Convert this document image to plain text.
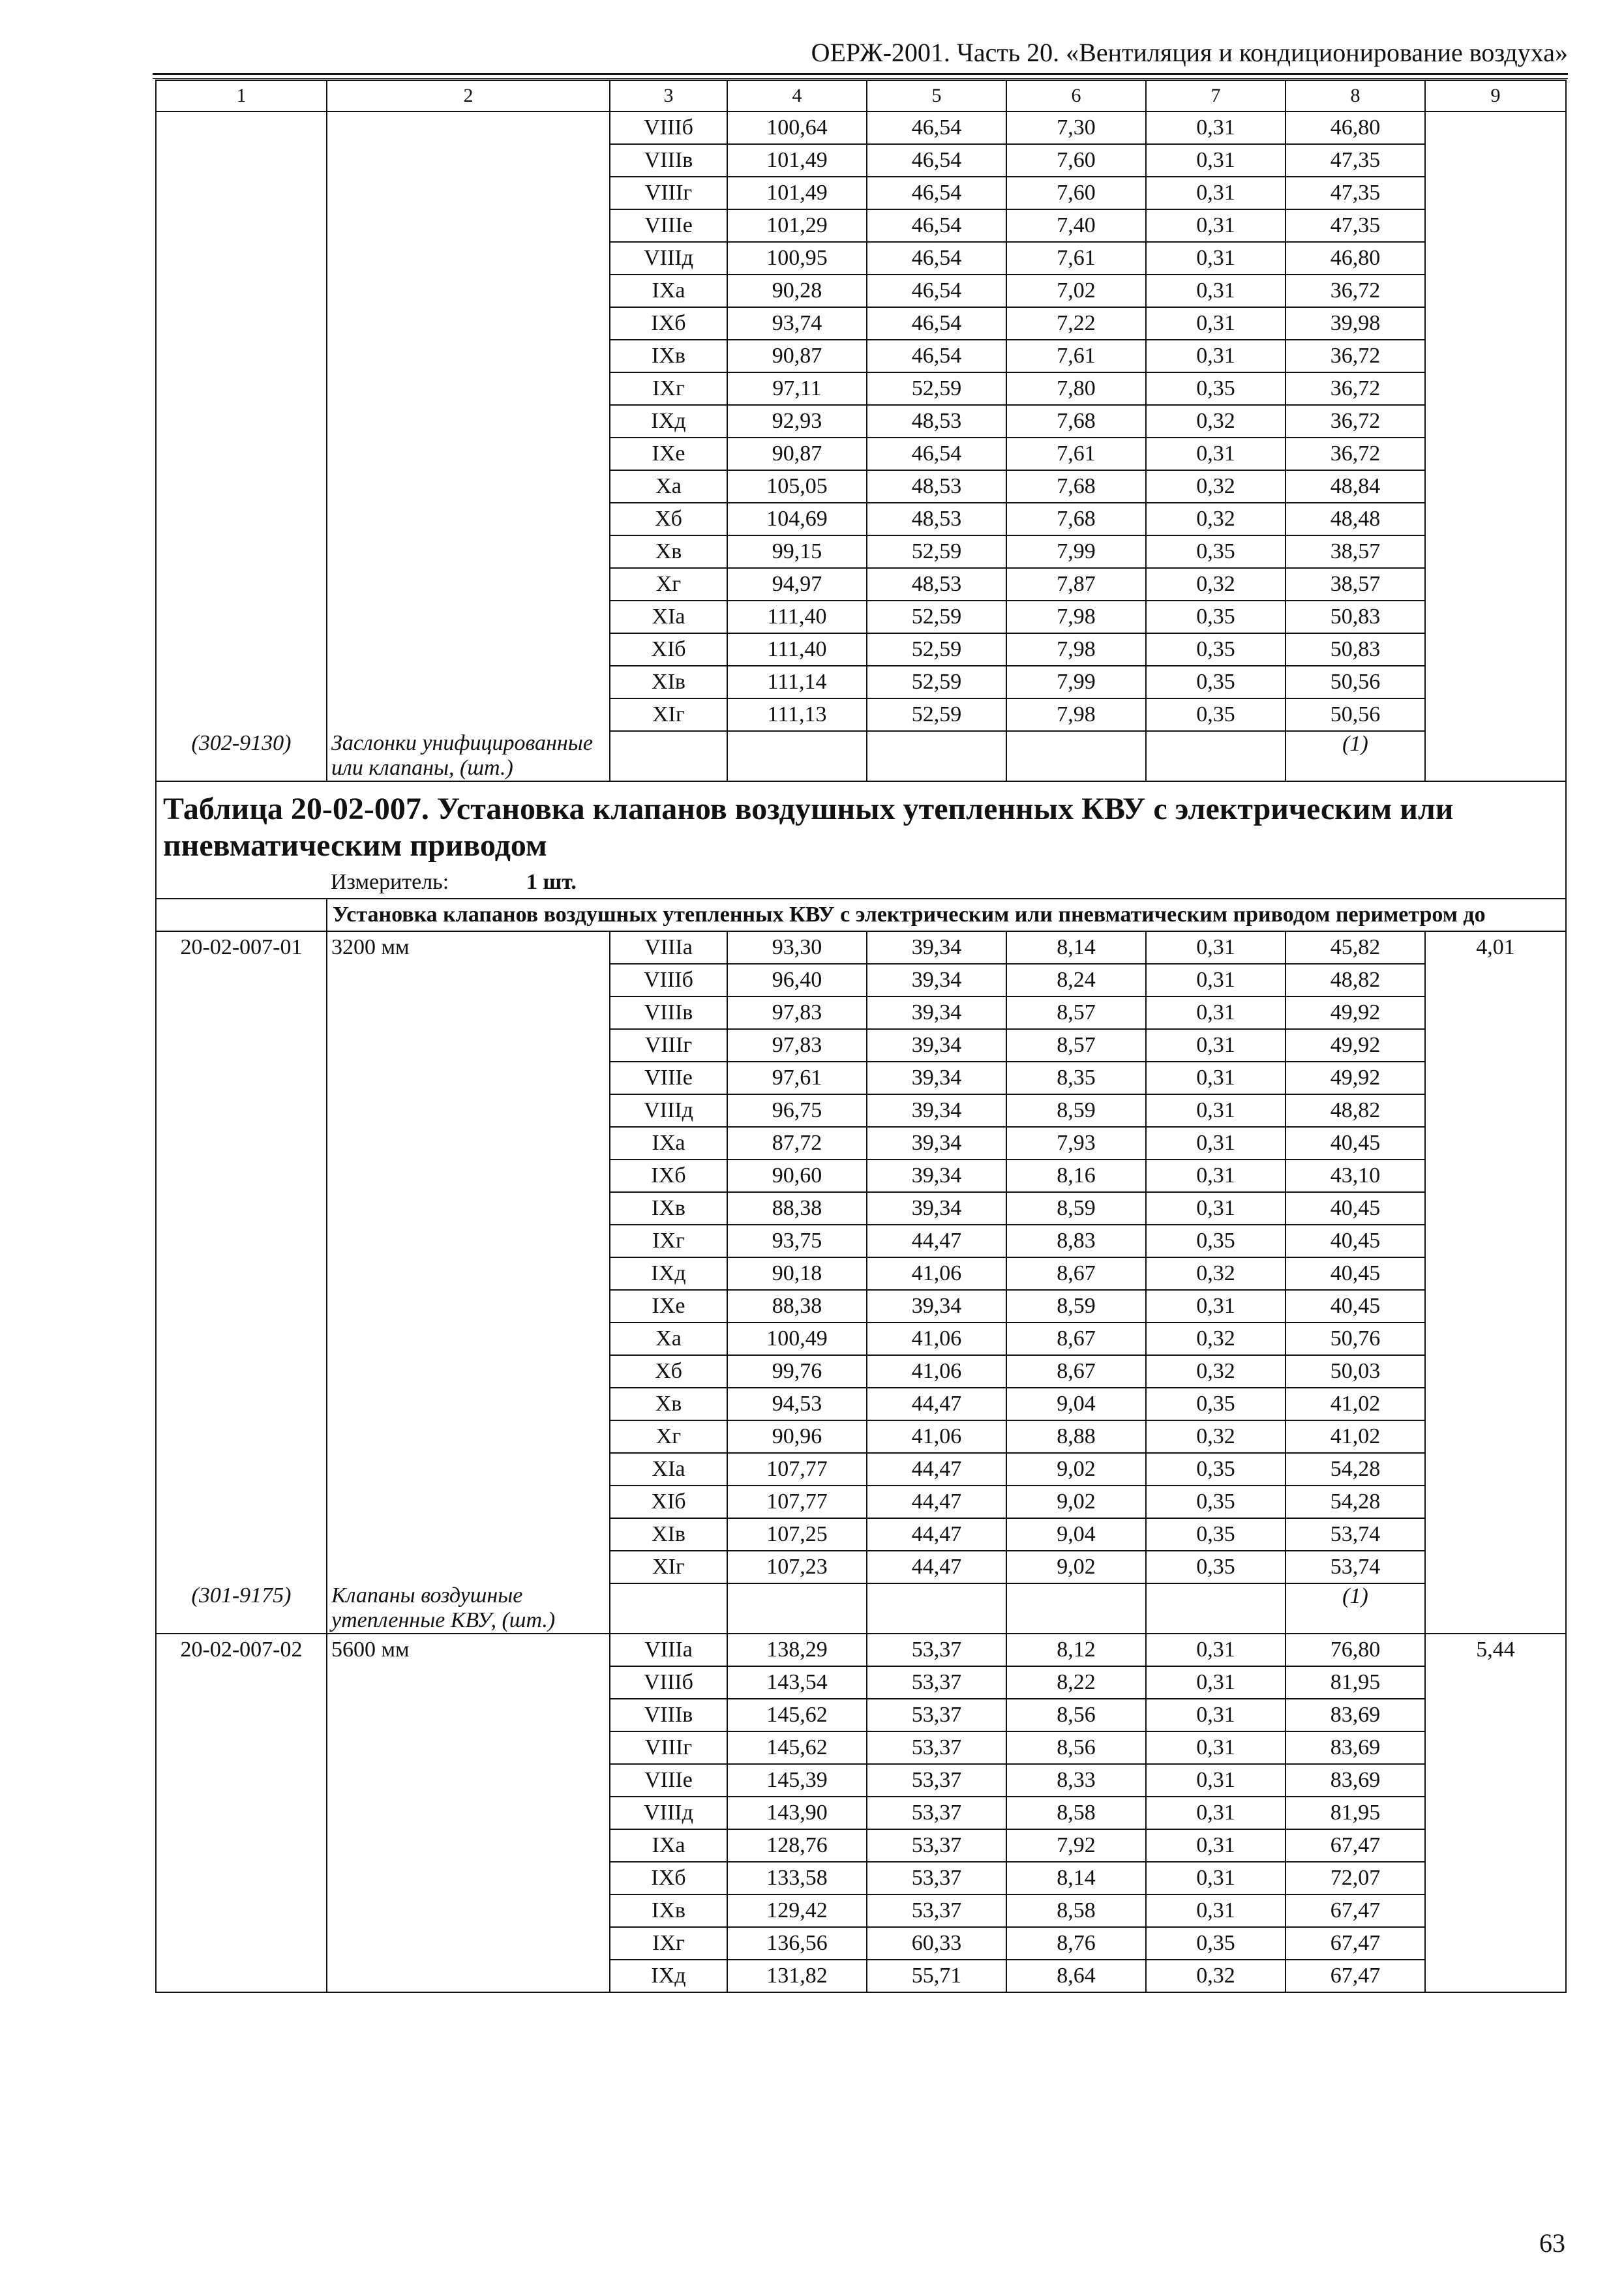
ОЕРЖ-2001. Часть 20. «Вентиляция и кондиционирование воздуха»
1	2	3	4	5	6	7	8	9
		VIIIб	100,64	46,54	7,30	0,31	46,80	
		VIIIв	101,49	46,54	7,60	0,31	47,35	
		VIIIг	101,49	46,54	7,60	0,31	47,35	
		VIIIе	101,29	46,54	7,40	0,31	47,35	
		VIIIд	100,95	46,54	7,61	0,31	46,80	
		IXа	90,28	46,54	7,02	0,31	36,72	
		IXб	93,74	46,54	7,22	0,31	39,98	
		IXв	90,87	46,54	7,61	0,31	36,72	
		IXг	97,11	52,59	7,80	0,35	36,72	
		IXд	92,93	48,53	7,68	0,32	36,72	
		IXе	90,87	46,54	7,61	0,31	36,72	
		Xа	105,05	48,53	7,68	0,32	48,84	
		Xб	104,69	48,53	7,68	0,32	48,48	
		Xв	99,15	52,59	7,99	0,35	38,57	
		Xг	94,97	48,53	7,87	0,32	38,57	
		XIа	111,40	52,59	7,98	0,35	50,83	
		XIб	111,40	52,59	7,98	0,35	50,83	
		XIв	111,14	52,59	7,99	0,35	50,56	
		XIг	111,13	52,59	7,98	0,35	50,56	
(302-9130)	Заслонки унифицированные или клапаны, (шт.)						(1)	
Таблица 20-02-007. Установка клапанов воздушных утепленных КВУ с электрическим или пневматическим приводом								
	Измеритель: 1 шт.							
	Установка клапанов воздушных утепленных КВУ с электрическим или пневматическим приводом периметром до							
20-02-007-01	3200 мм	VIIIа	93,30	39,34	8,14	0,31	45,82	4,01
		VIIIб	96,40	39,34	8,24	0,31	48,82	
		VIIIв	97,83	39,34	8,57	0,31	49,92	
		VIIIг	97,83	39,34	8,57	0,31	49,92	
		VIIIе	97,61	39,34	8,35	0,31	49,92	
		VIIIд	96,75	39,34	8,59	0,31	48,82	
		IXа	87,72	39,34	7,93	0,31	40,45	
		IXб	90,60	39,34	8,16	0,31	43,10	
		IXв	88,38	39,34	8,59	0,31	40,45	
		IXг	93,75	44,47	8,83	0,35	40,45	
		IXд	90,18	41,06	8,67	0,32	40,45	
		IXе	88,38	39,34	8,59	0,31	40,45	
		Xа	100,49	41,06	8,67	0,32	50,76	
		Xб	99,76	41,06	8,67	0,32	50,03	
		Xв	94,53	44,47	9,04	0,35	41,02	
		Xг	90,96	41,06	8,88	0,32	41,02	
		XIа	107,77	44,47	9,02	0,35	54,28	
		XIб	107,77	44,47	9,02	0,35	54,28	
		XIв	107,25	44,47	9,04	0,35	53,74	
		XIг	107,23	44,47	9,02	0,35	53,74	
(301-9175)	Клапаны воздушные утепленные КВУ, (шт.)						(1)	
20-02-007-02	5600 мм	VIIIа	138,29	53,37	8,12	0,31	76,80	5,44
		VIIIб	143,54	53,37	8,22	0,31	81,95	
		VIIIв	145,62	53,37	8,56	0,31	83,69	
		VIIIг	145,62	53,37	8,56	0,31	83,69	
		VIIIе	145,39	53,37	8,33	0,31	83,69	
		VIIIд	143,90	53,37	8,58	0,31	81,95	
		IXа	128,76	53,37	7,92	0,31	67,47	
		IXб	133,58	53,37	8,14	0,31	72,07	
		IXв	129,42	53,37	8,58	0,31	67,47	
		IXг	136,56	60,33	8,76	0,35	67,47	
		IXд	131,82	55,71	8,64	0,32	67,47	
63
